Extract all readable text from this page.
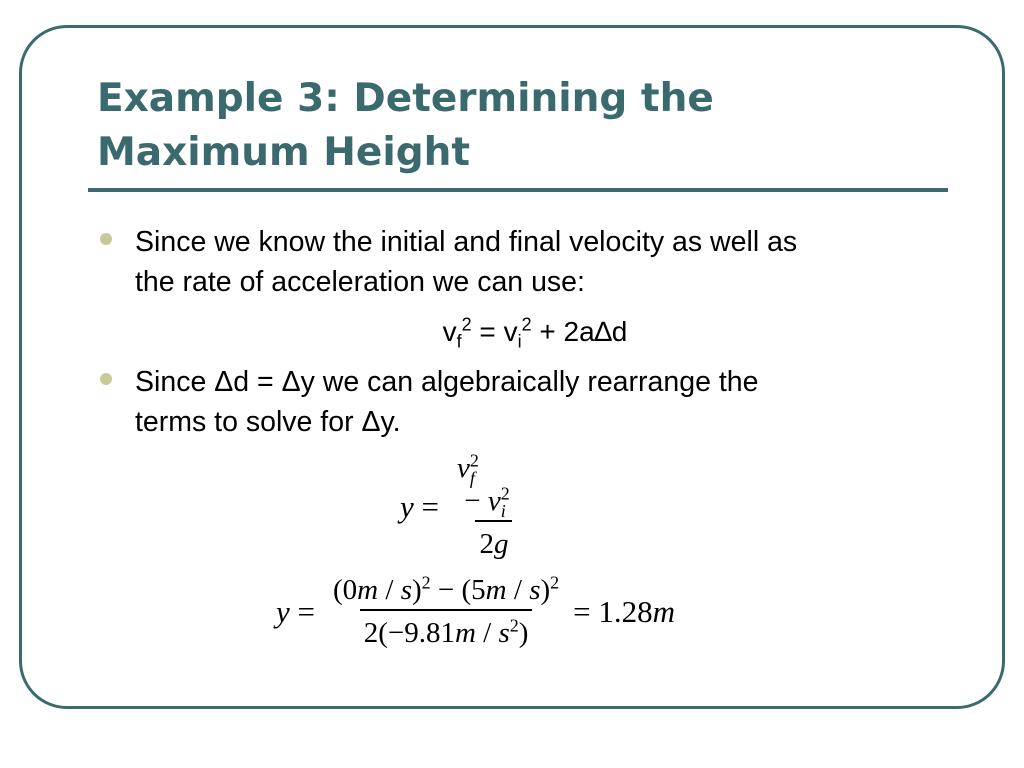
Example 3: Determining the
Maximum Height
Since we know the initial and final velocity as well as
the rate of acceleration we can use:
$v_f^2 = v_i^2 + 2a\Delta d$
Since Δd = Δy we can algebraically rearrange the
terms to solve for Δy.
$y = \frac{v^2_f - v^2_i}{2g}$
$y = \frac{(0m / s)^2 - (5m / s)^2}{2(-9.81m / s^2)} = 1.28m$
